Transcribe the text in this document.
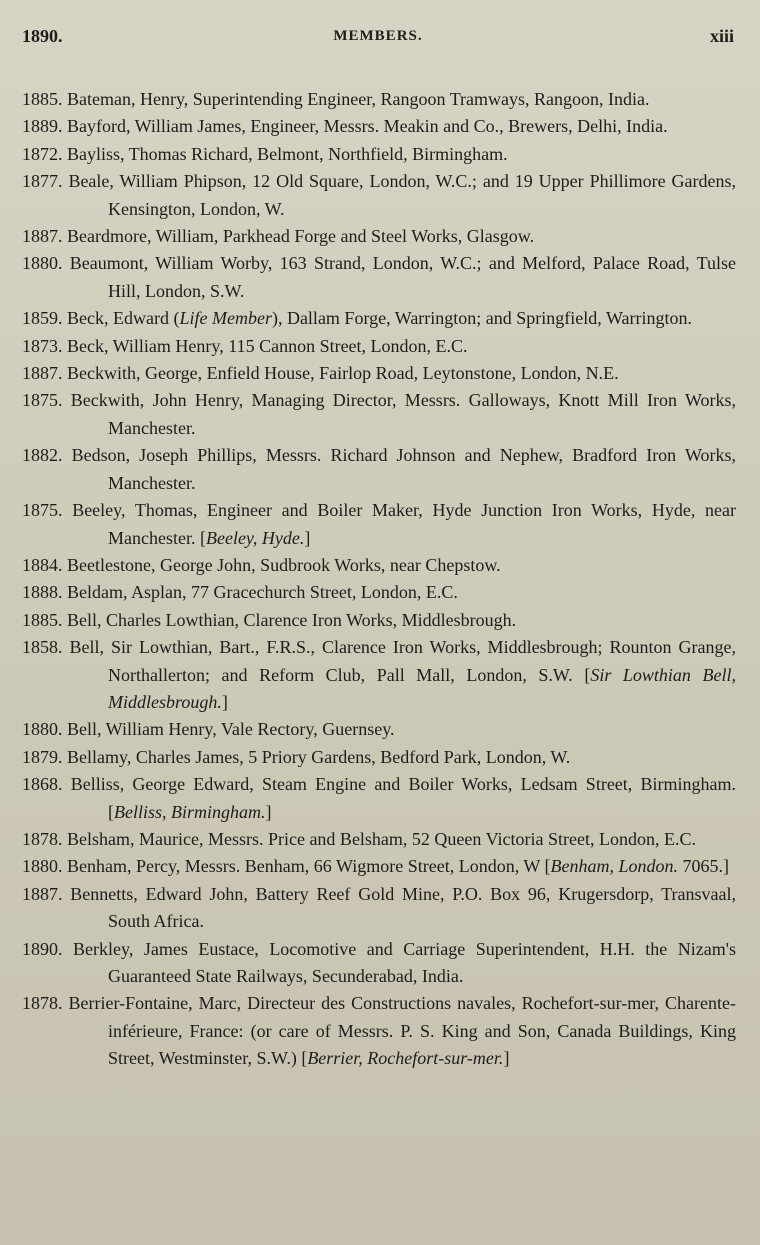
1890.	MEMBERS.	xiii

1885. Bateman, Henry, Superintending Engineer, Rangoon Tramways, Rangoon, India.

1889. Bayford, William James, Engineer, Messrs. Meakin and Co., Brewers, Delhi, India.

1872. Bayliss, Thomas Richard, Belmont, Northfield, Birmingham.

1877. Beale, William Phipson, 12 Old Square, London, W.C.; and 19 Upper Phillimore Gardens, Kensington, London, W.

1887. Beardmore, William, Parkhead Forge and Steel Works, Glasgow.

1880. Beaumont, William Worby, 163 Strand, London, W.C.; and Melford, Palace Road, Tulse Hill, London, S.W.

1859. Beck, Edward (Life Member), Dallam Forge, Warrington; and Springfield, Warrington.

1873. Beck, William Henry, 115 Cannon Street, London, E.C.

1887. Beckwith, George, Enfield House, Fairlop Road, Leytonstone, London, N.E.

1875. Beckwith, John Henry, Managing Director, Messrs. Galloways, Knott Mill Iron Works, Manchester.

1882. Bedson, Joseph Phillips, Messrs. Richard Johnson and Nephew, Bradford Iron Works, Manchester.

1875. Beeley, Thomas, Engineer and Boiler Maker, Hyde Junction Iron Works, Hyde, near Manchester. [Beeley, Hyde.]

1884. Beetlestone, George John, Sudbrook Works, near Chepstow.

1888. Beldam, Asplan, 77 Gracechurch Street, London, E.C.

1885. Bell, Charles Lowthian, Clarence Iron Works, Middlesbrough.

1858. Bell, Sir Lowthian, Bart., F.R.S., Clarence Iron Works, Middlesbrough; Rounton Grange, Northallerton; and Reform Club, Pall Mall, London, S.W. [Sir Lowthian Bell, Middlesbrough.]

1880. Bell, William Henry, Vale Rectory, Guernsey.

1879. Bellamy, Charles James, 5 Priory Gardens, Bedford Park, London, W.

1868. Belliss, George Edward, Steam Engine and Boiler Works, Ledsam Street, Birmingham. [Belliss, Birmingham.]

1878. Belsham, Maurice, Messrs. Price and Belsham, 52 Queen Victoria Street, London, E.C.

1880. Benham, Percy, Messrs. Benham, 66 Wigmore Street, London, W [Benham, London. 7065.]

1887. Bennetts, Edward John, Battery Reef Gold Mine, P.O. Box 96, Krugersdorp, Transvaal, South Africa.

1890. Berkley, James Eustace, Locomotive and Carriage Superintendent, H.H. the Nizam's Guaranteed State Railways, Secunderabad, India.

1878. Berrier-Fontaine, Marc, Directeur des Constructions navales, Rochefort-sur-mer, Charente-inférieure, France: (or care of Messrs. P. S. King and Son, Canada Buildings, King Street, Westminster, S.W.) [Berrier, Rochefort-sur-mer.]
